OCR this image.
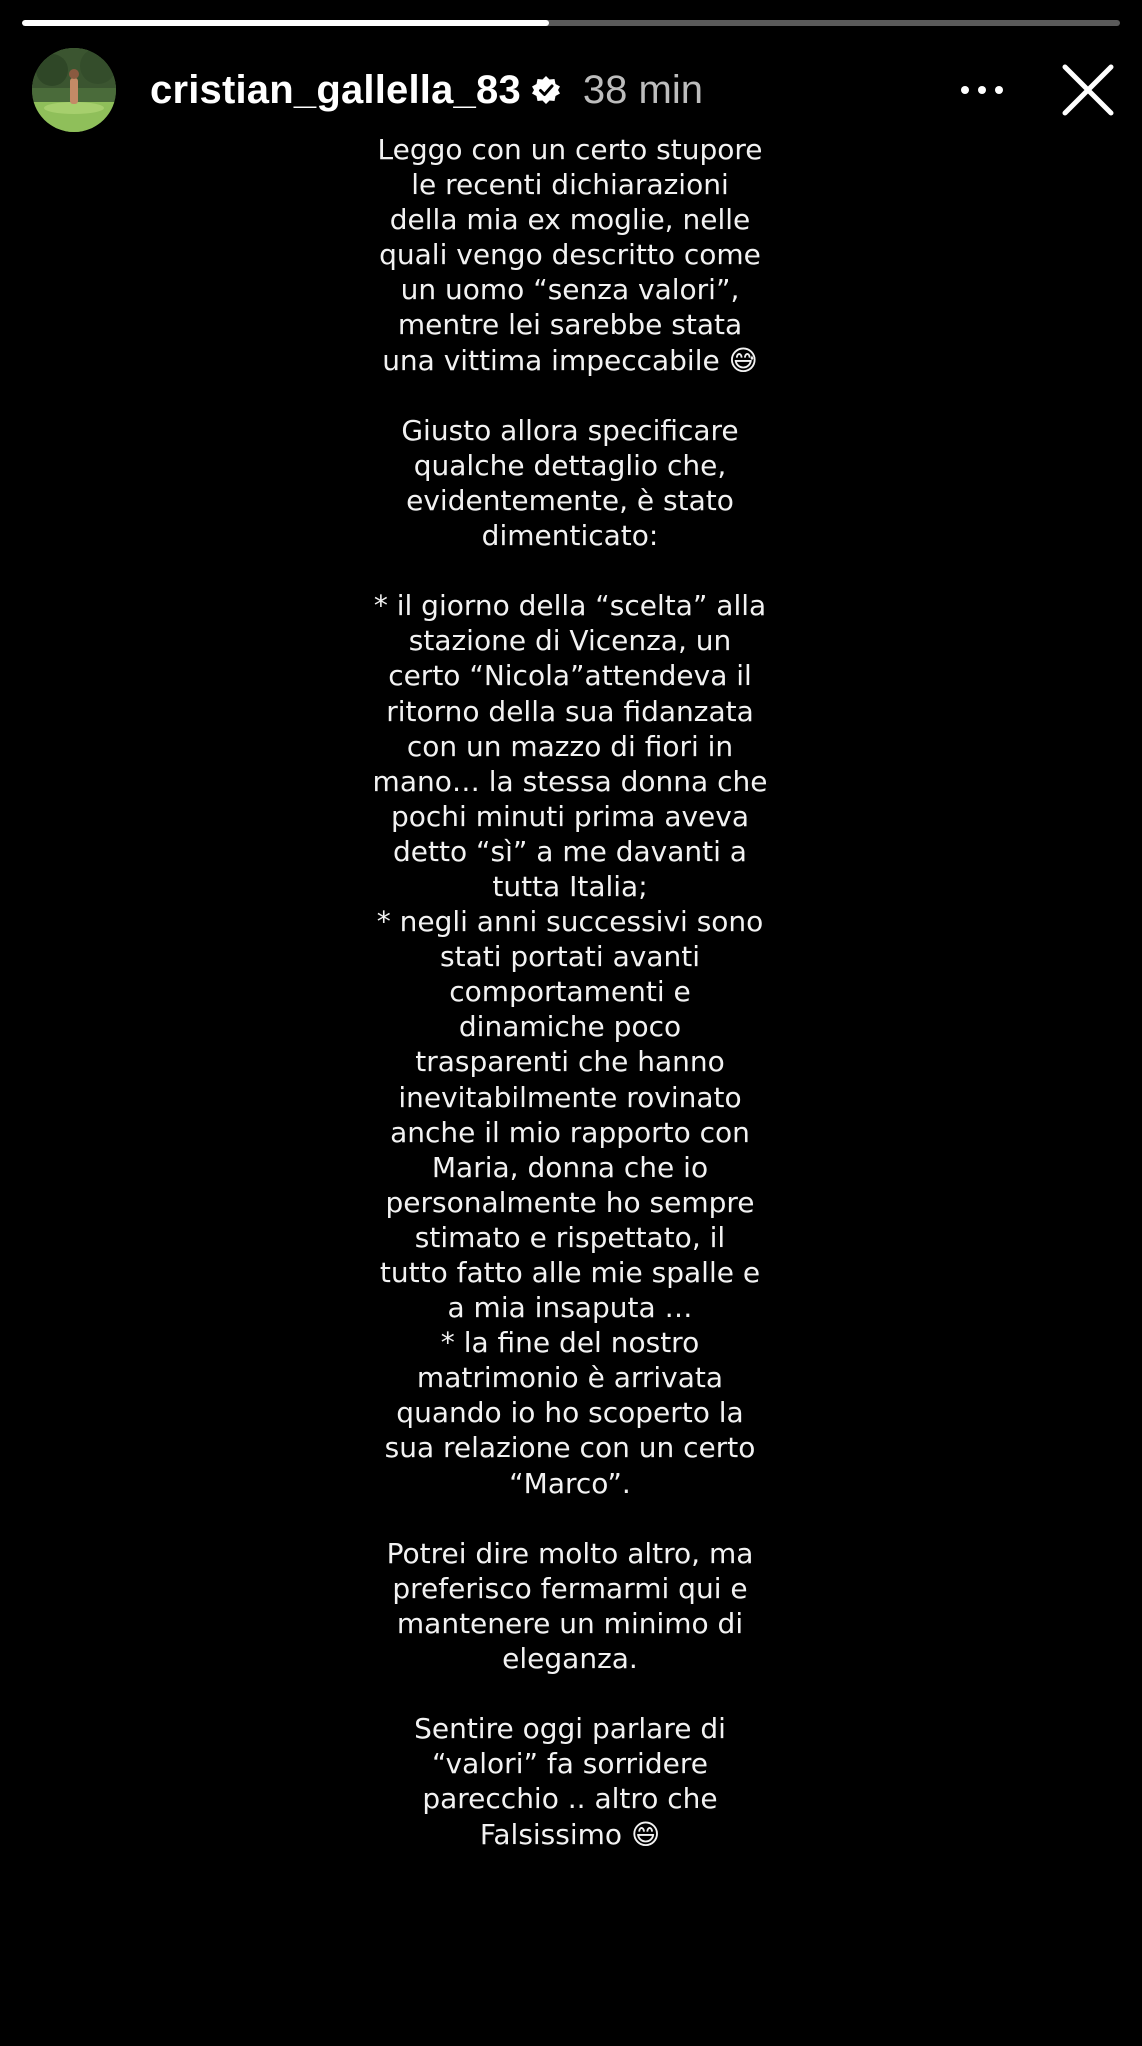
cristian_gallella_83 38 min
Leggo con un certo stupore
le recenti dichiarazioni
della mia ex moglie, nelle
quali vengo descritto come
un uomo “senza valori”,
mentre lei sarebbe stata
una vittima impeccabile 😅

Giusto allora specificare
qualche dettaglio che,
evidentemente, è stato
dimenticato:

* il giorno della “scelta” alla
stazione di Vicenza, un
certo “Nicola”attendeva il
ritorno della sua fidanzata
con un mazzo di fiori in
mano… la stessa donna che
pochi minuti prima aveva
detto “sì” a me davanti a
tutta Italia;
* negli anni successivi sono
stati portati avanti
comportamenti e
dinamiche poco
trasparenti che hanno
inevitabilmente rovinato
anche il mio rapporto con
Maria, donna che io
personalmente ho sempre
stimato e rispettato, il
tutto fatto alle mie spalle e
a mia insaputa …
* la fine del nostro
matrimonio è arrivata
quando io ho scoperto la
sua relazione con un certo
“Marco”.

Potrei dire molto altro, ma
preferisco fermarmi qui e
mantenere un minimo di
eleganza.

Sentire oggi parlare di
“valori” fa sorridere
parecchio .. altro che
Falsissimo 😄
